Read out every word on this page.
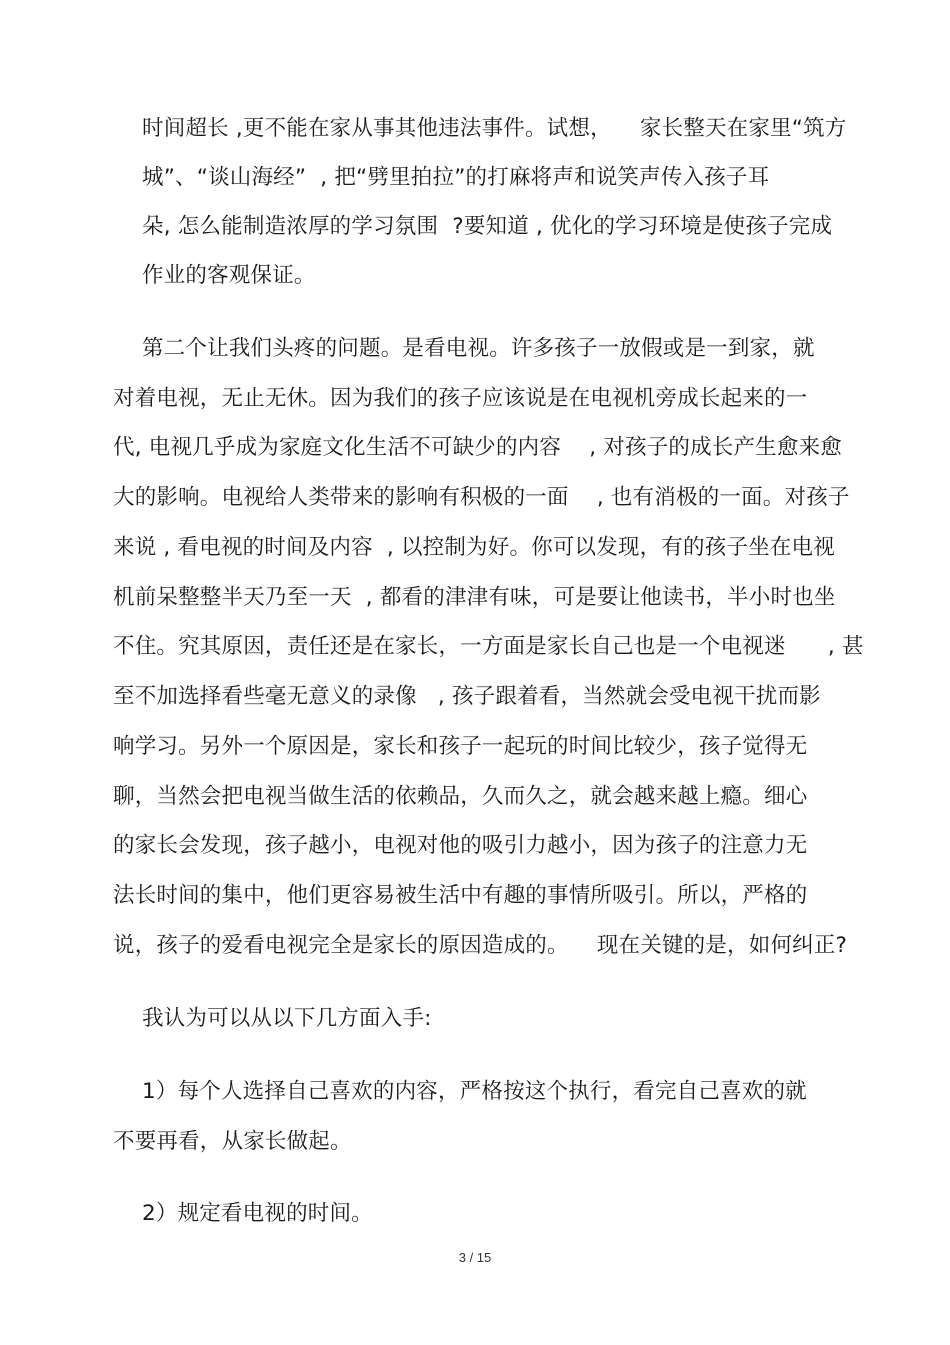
时间超长 ,更不能在家从事其他违法事件。试想，    家长整天在家里“筑方
城”、“谈山海经”  , 把“劈里拍拉”的打麻将声和说笑声传入孩子耳
朵, 怎么能制造浓厚的学习氛围  ?要知道 , 优化的学习环境是使孩子完成
作业的客观保证。
第二个让我们头疼的问题。是看电视。许多孩子一放假或是一到家，就
对着电视，无止无休。因为我们的孩子应该说是在电视机旁成长起来的一
代, 电视几乎成为家庭文化生活不可缺少的内容    , 对孩子的成长产生愈来愈
大的影响。电视给人类带来的影响有积极的一面    , 也有消极的一面。对孩子
来说 , 看电视的时间及内容  , 以控制为好。你可以发现，有的孩子坐在电视
机前呆整整半天乃至一天  , 都看的津津有味，可是要让他读书，半小时也坐
不住。究其原因，责任还是在家长，一方面是家长自己也是一个电视迷      , 甚
至不加选择看些毫无意义的录像   , 孩子跟着看，当然就会受电视干扰而影
响学习。另外一个原因是，家长和孩子一起玩的时间比较少，孩子觉得无
聊，当然会把电视当做生活的依赖品，久而久之，就会越来越上瘾。细心
的家长会发现，孩子越小，电视对他的吸引力越小，因为孩子的注意力无
法长时间的集中，他们更容易被生活中有趣的事情所吸引。所以，严格的
说，孩子的爱看电视完全是家长的原因造成的。    现在关键的是，如何纠正?
我认为可以从以下几方面入手:
1）每个人选择自己喜欢的内容，严格按这个执行，看完自己喜欢的就
不要再看，从家长做起。
2）规定看电视的时间。
3 / 15
